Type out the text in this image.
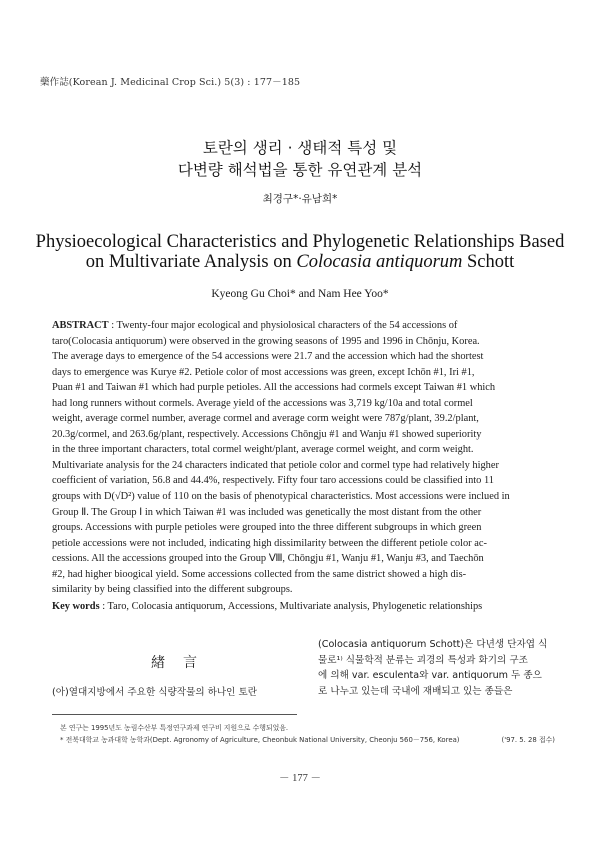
藥作誌(Korean J. Medicinal Crop Sci.) 5(3) : 177－185
토란의 생리 · 생태적 특성 및
다변량 해석법을 통한 유연관계 분석
최경구*·유남희*
Physioecological Characteristics and Phylogenetic Relationships Based
on Multivariate Analysis on Colocasia antiquorum Schott
Kyeong Gu Choi* and Nam Hee Yoo*
ABSTRACT : Twenty-four major ecological and physiolosical characters of the 54 accessions of
taro(Colocasia antiquorum) were observed in the growing seasons of 1995 and 1996 in Chōnju, Korea.
The average days to emergence of the 54 accessions were 21.7 and the accession which had the shortest
days to emergence was Kurye #2. Petiole color of most accessions was green, except Ichōn #1, Iri #1,
Puan #1 and Taiwan #1 which had purple petioles. All the accessions had cormels except Taiwan #1 which
had long runners without cormels. Average yield of the accessions was 3,719 kg/10a and total cormel
weight, average cormel number, average cormel and average corm weight were 787g/plant, 39.2/plant,
20.3g/cormel, and 263.6g/plant, respectively. Accessions Chōngju #1 and Wanju #1 showed superiority
in the three important characters, total cormel weight/plant, average cormel weight, and corm weight.
Multivariate analysis for the 24 characters indicated that petiole color and cormel type had relatively higher
coefficient of variation, 56.8 and 44.4%, respectively. Fifty four taro accessions could be classified into 11
groups with D(√D²) value of 110 on the basis of phenotypical characteristics. Most accessions were inclued in
Group Ⅱ. The Group Ⅰ in which Taiwan #1 was included was genetically the most distant from the other
groups. Accessions with purple petioles were grouped into the three different subgroups in which green
petiole accessions were not included, indicating high dissimilarity between the different petiole color ac-
cessions. All the accessions grouped into the Group Ⅷ, Chōngju #1, Wanju #1, Wanju #3, and Taechōn
#2, had higher bioogical yield. Some accessions collected from the same district showed a high dis-
similarity by being classified into the different subgroups.
Key words : Taro, Colocasia antiquorum, Accessions, Multivariate analysis, Phylogenetic relationships
緖言
(아)열대지방에서 주요한 식량작물의 하나인 토란
(Colocasia antiquorum Schott)은 다년생 단자엽 식
물로¹⁾ 식물학적 분류는 괴경의 특성과 화기의 구조
에 의해 var. esculenta와 var. antiquorum 두 종으
로 나누고 있는데 국내에 재배되고 있는 종들은
본 연구는 1995년도 농림수산부 특정연구과제 연구비 지원으로 수행되었음.
* 전북대학교 농과대학 농학과(Dept. Agronomy of Agriculture, Cheonbuk National University, Cheonju 560－756, Korea)	('97. 5. 28 접수)
－ 177 －
